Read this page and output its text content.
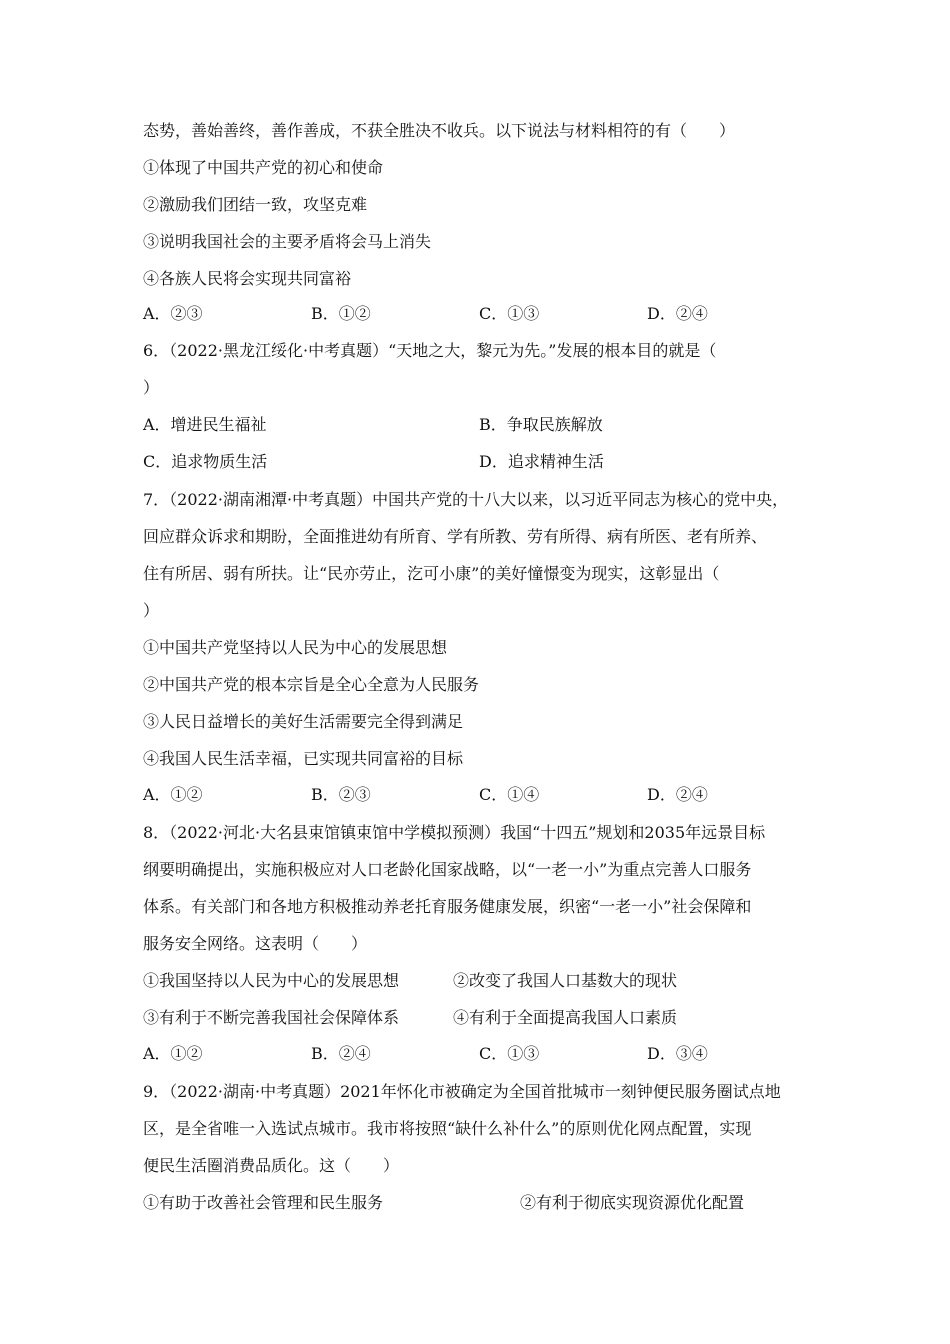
态势，善始善终，善作善成，不获全胜决不收兵。以下说法与材料相符的有（　　）
①体现了中国共产党的初心和使命
②激励我们团结一致，攻坚克难
③说明我国社会的主要矛盾将会马上消失
④各族人民将会实现共同富裕
A．②③	B．①②	C．①③	D．②④
6．（2022·黑龙江绥化·中考真题）“天地之大，黎元为先。”发展的根本目的就是（
）
A．增进民生福祉	B．争取民族解放
C．追求物质生活	D．追求精神生活
7．（2022·湖南湘潭·中考真题）中国共产党的十八大以来，以习近平同志为核心的党中央，
回应群众诉求和期盼，全面推进幼有所育、学有所教、劳有所得、病有所医、老有所养、
住有所居、弱有所扶。让“民亦劳止，汔可小康”的美好憧憬变为现实，这彰显出（
）
①中国共产党坚持以人民为中心的发展思想
②中国共产党的根本宗旨是全心全意为人民服务
③人民日益增长的美好生活需要完全得到满足
④我国人民生活幸福，已实现共同富裕的目标
A．①②	B．②③	C．①④	D．②④
8．（2022·河北·大名县束馆镇束馆中学模拟预测）我国“十四五”规划和2035年远景目标
纲要明确提出，实施积极应对人口老龄化国家战略，以“一老一小”为重点完善人口服务
体系。有关部门和各地方积极推动养老托育服务健康发展，织密“一老一小”社会保障和
服务安全网络。这表明（　　）
①我国坚持以人民为中心的发展思想	②改变了我国人口基数大的现状
③有利于不断完善我国社会保障体系	④有利于全面提高我国人口素质
A．①②	B．②④	C．①③	D．③④
9．（2022·湖南·中考真题）2021年怀化市被确定为全国首批城市一刻钟便民服务圈试点地
区，是全省唯一入选试点城市。我市将按照“缺什么补什么”的原则优化网点配置，实现
便民生活圈消费品质化。这（　　）
①有助于改善社会管理和民生服务	②有利于彻底实现资源优化配置
